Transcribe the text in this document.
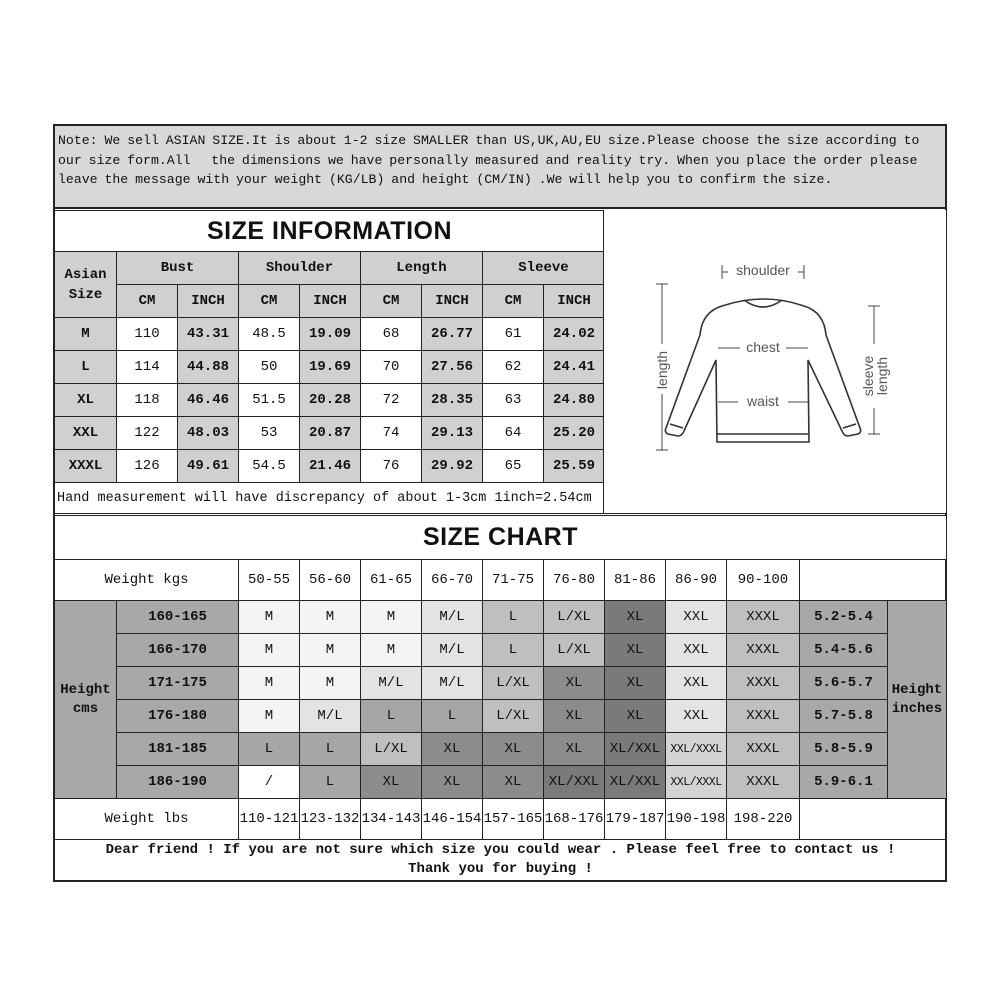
Note: We sell ASIAN SIZE.It is about 1-2 size SMALLER than US,UK,AU,EU size.Please choose the size according to our size form.All   the dimensions we have personally measured and reality try. When you place the order please leave the message with your weight (KG/LB) and height (CM/IN) .We will help you to confirm the size.
SIZE INFORMATION								
Asian Size	Bust		Shoulder		Length		Sleeve	
	CM	INCH	CM	INCH	CM	INCH	CM	INCH
M	110	43.31	48.5	19.09	68	26.77	61	24.02
L	114	44.88	50	19.69	70	27.56	62	24.41
XL	118	46.46	51.5	20.28	72	28.35	63	24.80
XXL	122	48.03	53	20.87	74	29.13	64	25.20
XXXL	126	49.61	54.5	21.46	76	29.92	65	25.59
Hand measurement will have discrepancy of about 1-3cm 1inch=2.54cm								
shoulder
chest
waist
length	sleeve
length
SIZE CHART												
Weight kgs		50-55	56-60	61-65	66-70	71-75	76-80	81-86	86-90	90-100		
Height cms	160-165	M	M	M	M/L	L	L/XL	XL	XXL	XXXL	5.2-5.4	Height inches
	166-170	M	M	M	M/L	L	L/XL	XL	XXL	XXXL	5.4-5.6	
	171-175	M	M	M/L	M/L	L/XL	XL	XL	XXL	XXXL	5.6-5.7	
	176-180	M	M/L	L	L	L/XL	XL	XL	XXL	XXXL	5.7-5.8	
	181-185	L	L	L/XL	XL	XL	XL	XL/XXL	XXL/XXXL	XXXL	5.8-5.9	
	186-190	/	L	XL	XL	XL	XL/XXL	XL/XXL	XXL/XXXL	XXXL	5.9-6.1	
Weight lbs		110-121	123-132	134-143	146-154	157-165	168-176	179-187	190-198	198-220		

Dear friend ! If you are not sure which size you could wear . Please feel free to contact us !
Thank you for buying !												
